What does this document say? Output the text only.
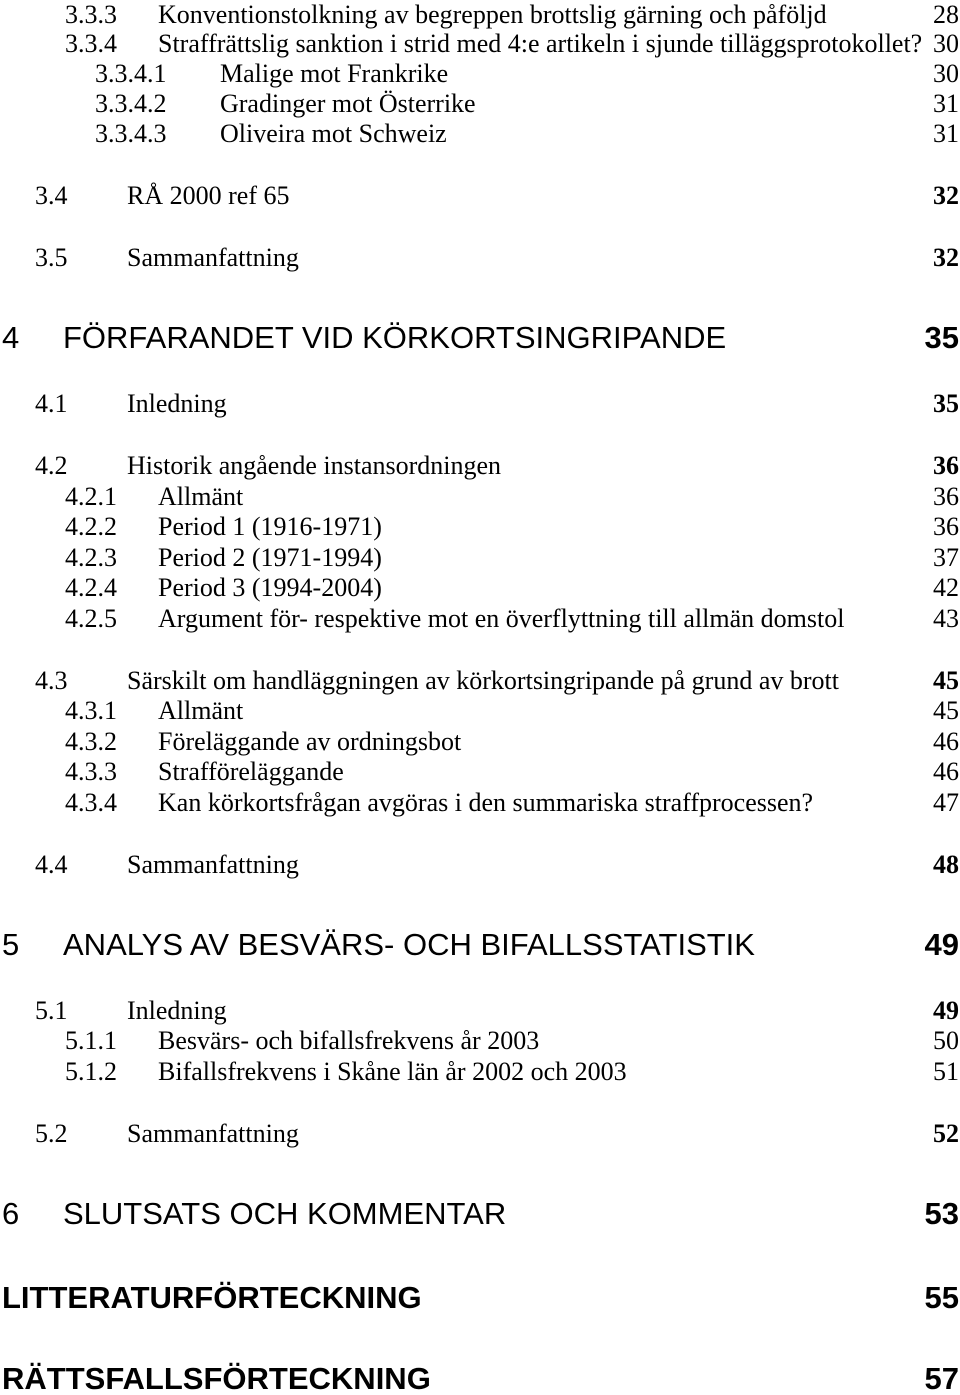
3.3.3 Konventionstolkning av begreppen brottslig gärning och påföljd	28
3.3.4 Straffrättslig sanktion i strid med 4:e artikeln i sjunde tilläggsprotokollet? 30
3.3.4.1 Malige mot Frankrike	30
3.3.4.2 Gradinger mot Österrike	31
3.3.4.3 Oliveira mot Schweiz	31
3.4 RÅ 2000 ref 65	32
3.5 Sammanfattning	32
4 FÖRFARANDET VID KÖRKORTSINGRIPANDE	35
4.1 Inledning	35
4.2 Historik angående instansordningen	36
4.2.1 Allmänt	36
4.2.2 Period 1 (1916-1971)	36
4.2.3 Period 2 (1971-1994)	37
4.2.4 Period 3 (1994-2004)	42
4.2.5 Argument för- respektive mot en överflyttning till allmän domstol	43
4.3 Särskilt om handläggningen av körkortsingripande på grund av brott	45
4.3.1 Allmänt	45
4.3.2 Föreläggande av ordningsbot	46
4.3.3 Strafföreläggande	46
4.3.4 Kan körkortsfrågan avgöras i den summariska straffprocessen?	47
4.4 Sammanfattning	48
5 ANALYS AV BESVÄRS- OCH BIFALLSSTATISTIK	49
5.1 Inledning	49
5.1.1 Besvärs- och bifallsfrekvens år 2003	50
5.1.2 Bifallsfrekvens i Skåne län år 2002 och 2003	51
5.2 Sammanfattning	52
6 SLUTSATS OCH KOMMENTAR	53
LITTERATURFÖRTECKNING	55
RÄTTSFALLSFÖRTECKNING	57
